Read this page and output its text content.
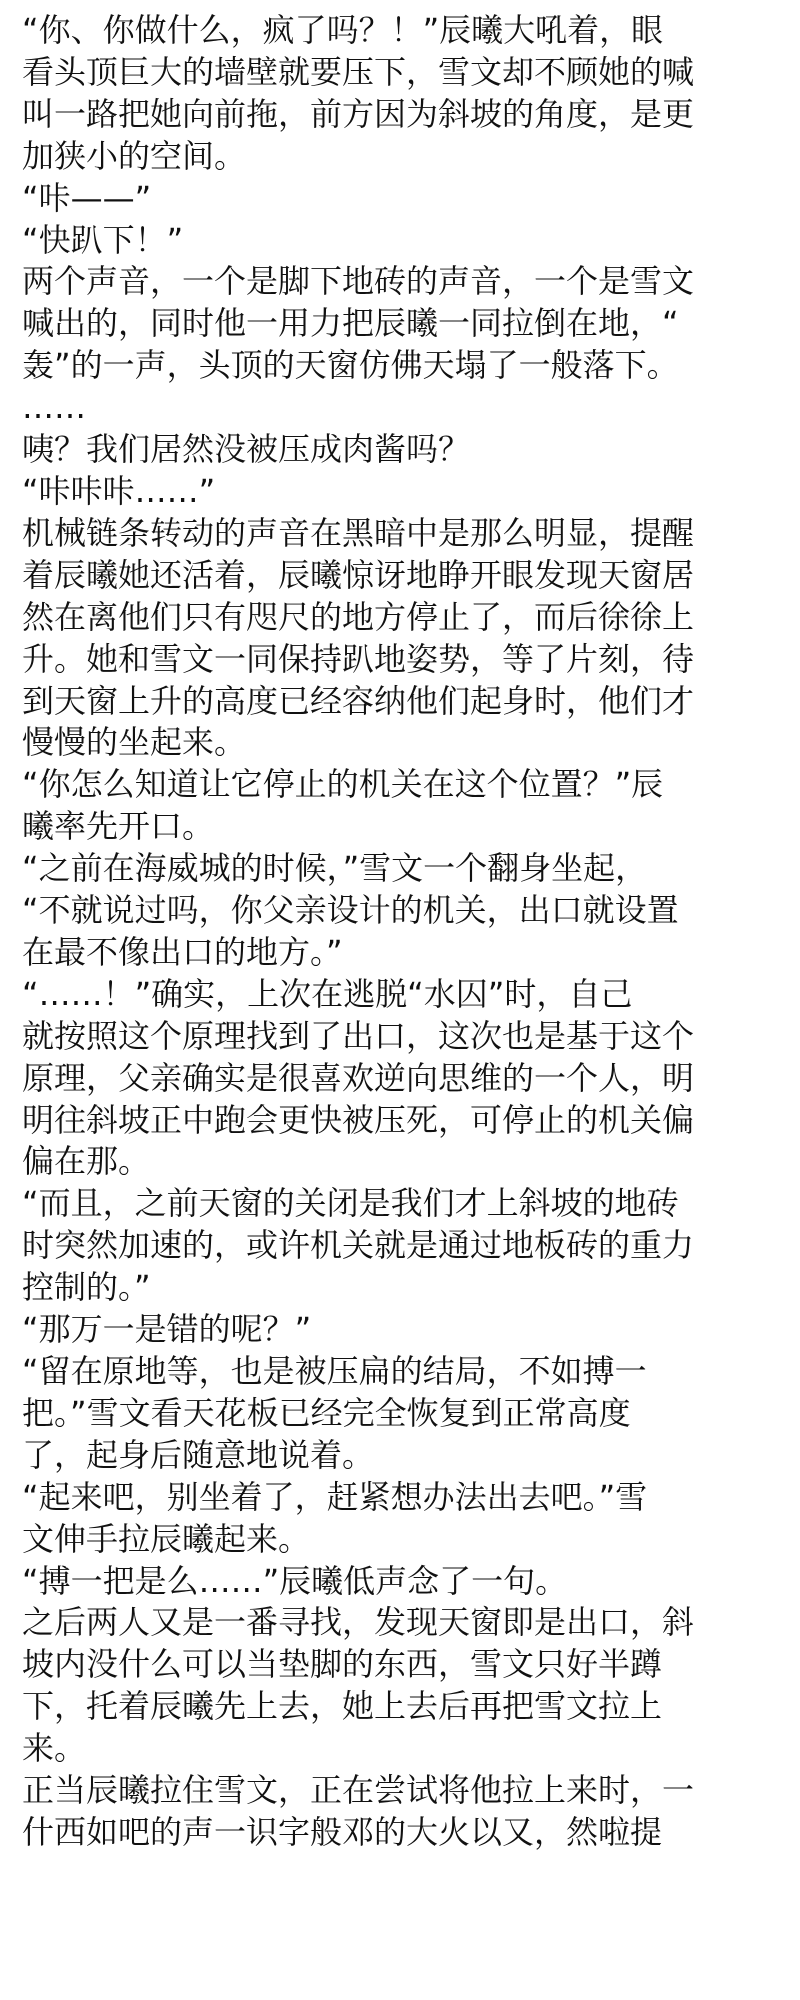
“你、你做什么，疯了吗？！”辰曦大吼着，眼
看头顶巨大的墙壁就要压下，雪文却不顾她的喊
叫一路把她向前拖，前方因为斜坡的角度，是更
加狭小的空间。

“咔——”

“快趴下！”

两个声音，一个是脚下地砖的声音，一个是雪文
喊出的，同时他一用力把辰曦一同拉倒在地，“
轰”的一声，头顶的天窗仿佛天塌了一般落下。

……

咦？我们居然没被压成肉酱吗？

“咔咔咔……”

机械链条转动的声音在黑暗中是那么明显，提醒
着辰曦她还活着，辰曦惊讶地睁开眼发现天窗居
然在离他们只有咫尺的地方停止了，而后徐徐上
升。她和雪文一同保持趴地姿势，等了片刻，待
到天窗上升的高度已经容纳他们起身时，他们才
慢慢的坐起来。

“你怎么知道让它停止的机关在这个位置？”辰
曦率先开口。

“之前在海威城的时候，”雪文一个翻身坐起，
“不就说过吗，你父亲设计的机关，出口就设置
在最不像出口的地方。”

“……！”确实，上次在逃脱“水囚”时，自己
就按照这个原理找到了出口，这次也是基于这个
原理，父亲确实是很喜欢逆向思维的一个人，明
明往斜坡正中跑会更快被压死，可停止的机关偏
偏在那。

“而且，之前天窗的关闭是我们才上斜坡的地砖
时突然加速的，或许机关就是通过地板砖的重力
控制的。”

“那万一是错的呢？”

“留在原地等，也是被压扁的结局，不如搏一
把。”雪文看天花板已经完全恢复到正常高度
了，起身后随意地说着。

“起来吧，别坐着了，赶紧想办法出去吧。”雪
文伸手拉辰曦起来。

“搏一把是么……”辰曦低声念了一句。

之后两人又是一番寻找，发现天窗即是出口，斜
坡内没什么可以当垫脚的东西，雪文只好半蹲
下，托着辰曦先上去，她上去后再把雪文拉上
来。

正当辰曦拉住雪文，正在尝试将他拉上来时，一
什西如吧的声一识字般邓的大火以又，然啦提
